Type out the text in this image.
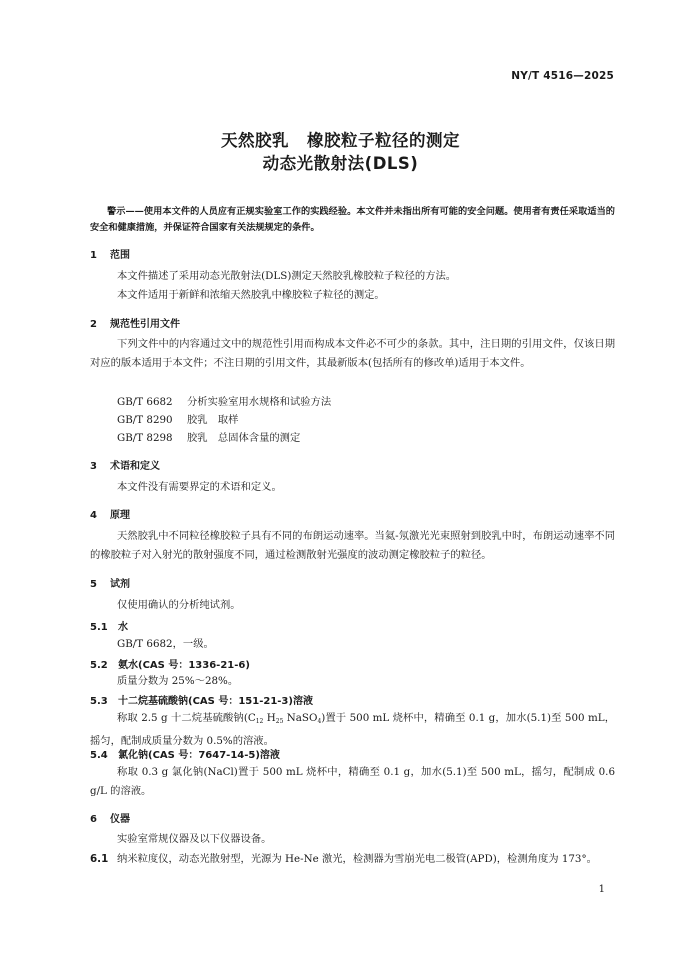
NY/T 4516—2025
天然胶乳 橡胶粒子粒径的测定
动态光散射法(DLS)
警示——使用本文件的人员应有正规实验室工作的实践经验。本文件并未指出所有可能的安全问题。使用者有责任采取适当的安全和健康措施，并保证符合国家有关法规规定的条件。
1	范围
本文件描述了采用动态光散射法(DLS)测定天然胶乳橡胶粒子粒径的方法。
本文件适用于新鲜和浓缩天然胶乳中橡胶粒子粒径的测定。
2	规范性引用文件
下列文件中的内容通过文中的规范性引用而构成本文件必不可少的条款。其中，注日期的引用文件，仅该日期对应的版本适用于本文件；不注日期的引用文件，其最新版本(包括所有的修改单)适用于本文件。
GB/T 6682 分析实验室用水规格和试验方法
GB/T 8290 胶乳　取样
GB/T 8298 胶乳　总固体含量的测定
3	术语和定义
本文件没有需要界定的术语和定义。
4	原理
天然胶乳中不同粒径橡胶粒子具有不同的布朗运动速率。当氦-氖激光光束照射到胶乳中时，布朗运动速率不同的橡胶粒子对入射光的散射强度不同，通过检测散射光强度的波动测定橡胶粒子的粒径。
5	试剂
仅使用确认的分析纯试剂。
5.1	水
GB/T 6682，一级。
5.2	氨水(CAS 号：1336-21-6)
质量分数为 25%～28%。
5.3	十二烷基硫酸钠(CAS 号：151-21-3)溶液
称取 2.5 g 十二烷基硫酸钠($C_{12}$ $H_{25}$ NaSO$_4$)置于 500 mL 烧杯中，精确至 0.1 g，加水(5.1)至 500 mL，摇匀，配制成质量分数为 0.5%的溶液。
5.4	氯化钠(CAS 号：7647-14-5)溶液
称取 0.3 g 氯化钠(NaCl)置于 500 mL 烧杯中，精确至 0.1 g，加水(5.1)至 500 mL，摇匀，配制成 0.6 g/L 的溶液。
6	仪器
实验室常规仪器及以下仪器设备。
6.1 纳米粒度仪，动态光散射型，光源为 He-Ne 激光，检测器为雪崩光电二极管(APD)，检测角度为 173°。
1
